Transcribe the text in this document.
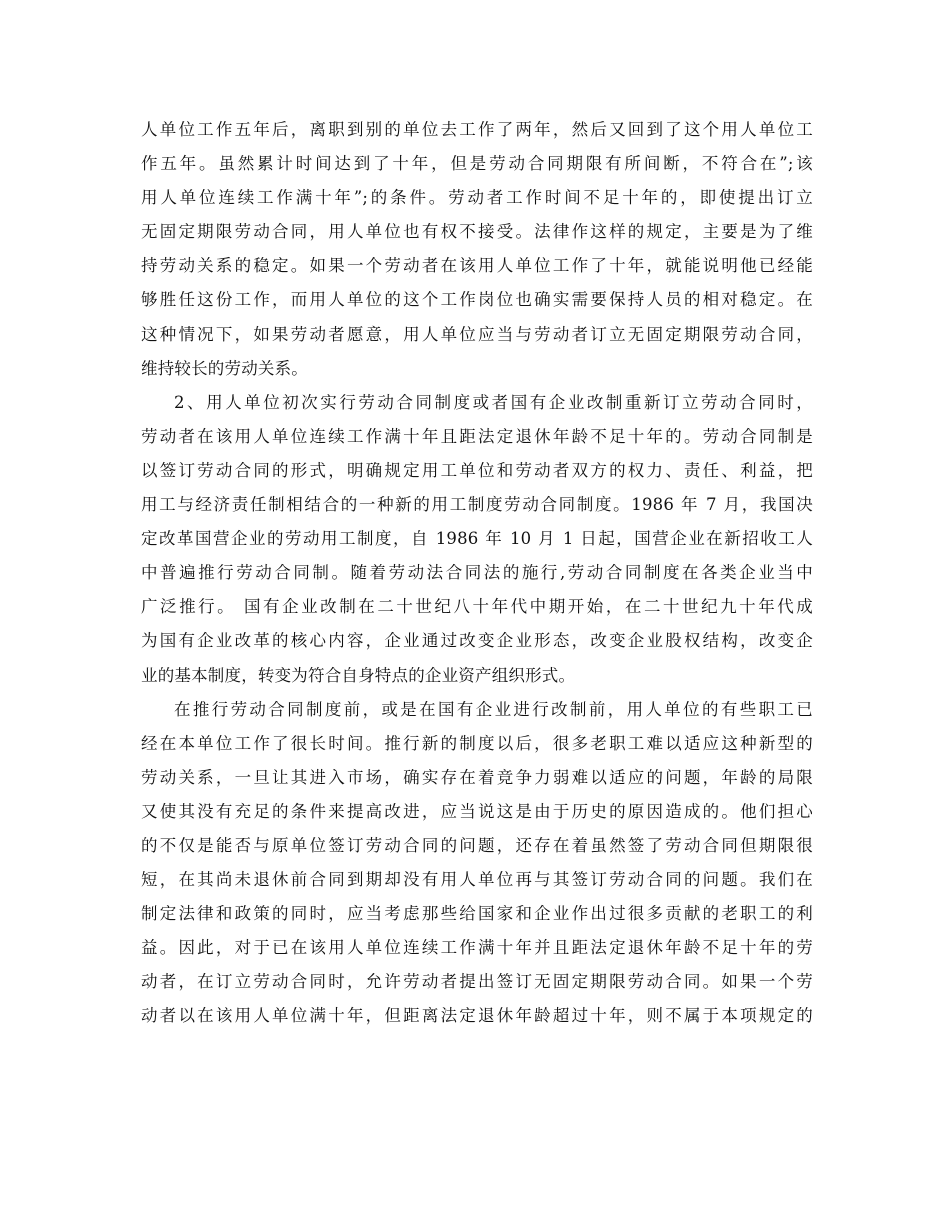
人单位工作五年后，离职到别的单位去工作了两年，然后又回到了这个用人单位工
作五年。虽然累计时间达到了十年，但是劳动合同期限有所间断，不符合在”;该
用人单位连续工作满十年”;的条件。劳动者工作时间不足十年的，即使提出订立
无固定期限劳动合同，用人单位也有权不接受。法律作这样的规定，主要是为了维
持劳动关系的稳定。如果一个劳动者在该用人单位工作了十年，就能说明他已经能
够胜任这份工作，而用人单位的这个工作岗位也确实需要保持人员的相对稳定。在
这种情况下，如果劳动者愿意，用人单位应当与劳动者订立无固定期限劳动合同，
维持较长的劳动关系。
2、用人单位初次实行劳动合同制度或者国有企业改制重新订立劳动合同时，
劳动者在该用人单位连续工作满十年且距法定退休年龄不足十年的。劳动合同制是
以签订劳动合同的形式，明确规定用工单位和劳动者双方的权力、责任、利益，把
用工与经济责任制相结合的一种新的用工制度劳动合同制度。1986 年 7 月，我国决
定改革国营企业的劳动用工制度，自 1986 年 10 月 1 日起，国营企业在新招收工人
中普遍推行劳动合同制。随着劳动法合同法的施行,劳动合同制度在各类企业当中
广泛推行。 国有企业改制在二十世纪八十年代中期开始，在二十世纪九十年代成
为国有企业改革的核心内容，企业通过改变企业形态，改变企业股权结构，改变企
业的基本制度，转变为符合自身特点的企业资产组织形式。
在推行劳动合同制度前，或是在国有企业进行改制前，用人单位的有些职工已
经在本单位工作了很长时间。推行新的制度以后，很多老职工难以适应这种新型的
劳动关系，一旦让其进入市场，确实存在着竞争力弱难以适应的问题，年龄的局限
又使其没有充足的条件来提高改进，应当说这是由于历史的原因造成的。他们担心
的不仅是能否与原单位签订劳动合同的问题，还存在着虽然签了劳动合同但期限很
短，在其尚未退休前合同到期却没有用人单位再与其签订劳动合同的问题。我们在
制定法律和政策的同时，应当考虑那些给国家和企业作出过很多贡献的老职工的利
益。因此，对于已在该用人单位连续工作满十年并且距法定退休年龄不足十年的劳
动者，在订立劳动合同时，允许劳动者提出签订无固定期限劳动合同。如果一个劳
动者以在该用人单位满十年，但距离法定退休年龄超过十年，则不属于本项规定的
